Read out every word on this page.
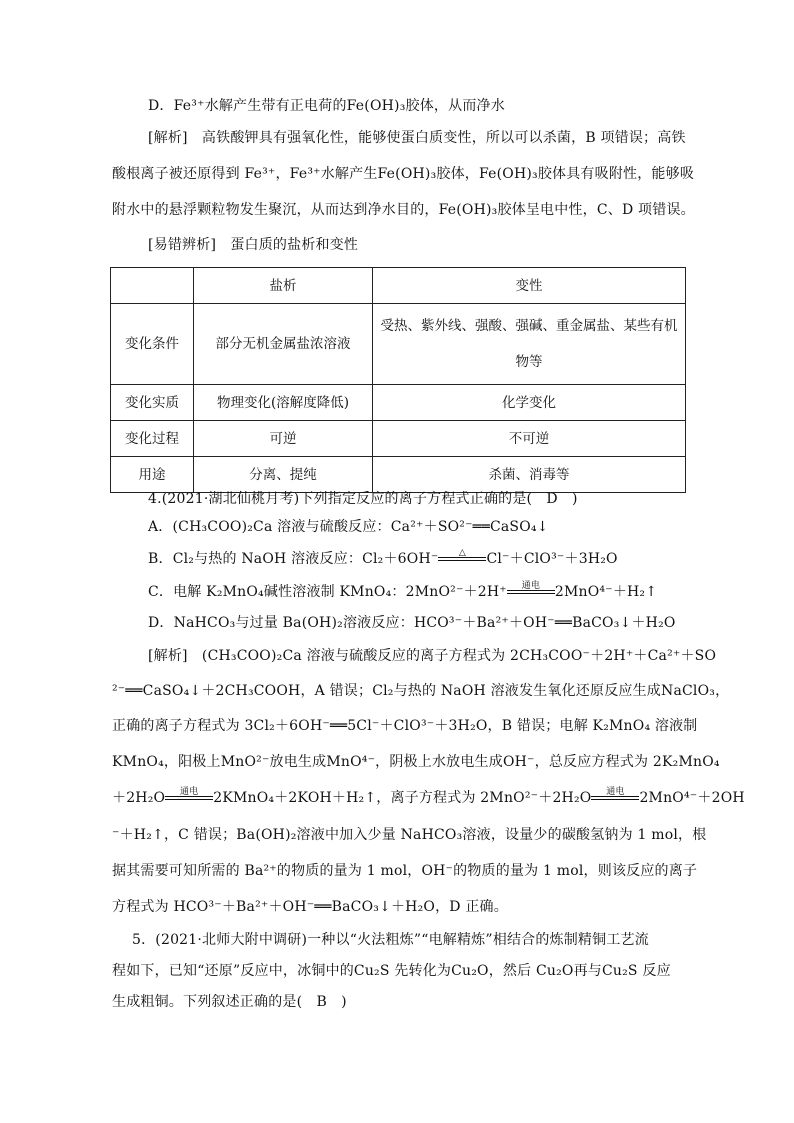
D．Fe³⁺水解产生带有正电荷的Fe(OH)₃胶体，从而净水
[解析]　高铁酸钾具有强氧化性，能够使蛋白质变性，所以可以杀菌，B 项错误；高铁
酸根离子被还原得到 Fe³⁺，Fe³⁺水解产生Fe(OH)₃胶体，Fe(OH)₃胶体具有吸附性，能够吸
附水中的悬浮颗粒物发生聚沉，从而达到净水目的，Fe(OH)₃胶体呈电中性，C、D 项错误。
[易错辨析]　蛋白质的盐析和变性
	盐析	变性
变化条件	部分无机金属盐浓溶液	受热、紫外线、强酸、强碱、重金属盐、某些有机物等
变化实质	物理变化(溶解度降低)	化学变化
变化过程	可逆	不可逆
用途	分离、提纯	杀菌、消毒等
4.(2021·湖北仙桃月考)下列指定反应的离子方程式正确的是(　D　)
A．(CH₃COO)₂Ca 溶液与硫酸反应：Ca²⁺＋SO²⁻══CaSO₄↓
B．Cl₂与热的 NaOH 溶液反应：Cl₂＋6OH⁻	△	Cl⁻＋ClO³⁻＋3H₂O
C．电解 K₂MnO₄碱性溶液制 KMnO₄：2MnO²⁻＋2H⁺	通电	2MnO⁴⁻＋H₂↑
D．NaHCO₃与过量 Ba(OH)₂溶液反应：HCO³⁻＋Ba²⁺＋OH⁻══BaCO₃↓＋H₂O
[解析]　(CH₃COO)₂Ca 溶液与硫酸反应的离子方程式为 2CH₃COO⁻＋2H⁺＋Ca²⁺＋SO
²⁻══CaSO₄↓＋2CH₃COOH，A 错误；Cl₂与热的 NaOH 溶液发生氧化还原反应生成NaClO₃，
正确的离子方程式为 3Cl₂＋6OH⁻══5Cl⁻＋ClO³⁻＋3H₂O，B 错误；电解 K₂MnO₄ 溶液制
KMnO₄，阳极上MnO²⁻放电生成MnO⁴⁻，阴极上水放电生成OH⁻，总反应方程式为 2K₂MnO₄
＋2H₂O	通电	2KMnO₄＋2KOH＋H₂↑，离子方程式为 2MnO²⁻＋2H₂O	通电	2MnO⁴⁻＋2OH
⁻＋H₂↑，C 错误；Ba(OH)₂溶液中加入少量 NaHCO₃溶液，设量少的碳酸氢钠为 1 mol，根
据其需要可知所需的 Ba²⁺的物质的量为 1 mol，OH⁻的物质的量为 1 mol，则该反应的离子
方程式为 HCO³⁻＋Ba²⁺＋OH⁻══BaCO₃↓＋H₂O，D 正确。
5．(2021·北师大附中调研)一种以“火法粗炼”“电解精炼”相结合的炼制精铜工艺流
程如下，已知“还原”反应中，冰铜中的Cu₂S 先转化为Cu₂O，然后 Cu₂O再与Cu₂S 反应
生成粗铜。下列叙述正确的是(　B　)
